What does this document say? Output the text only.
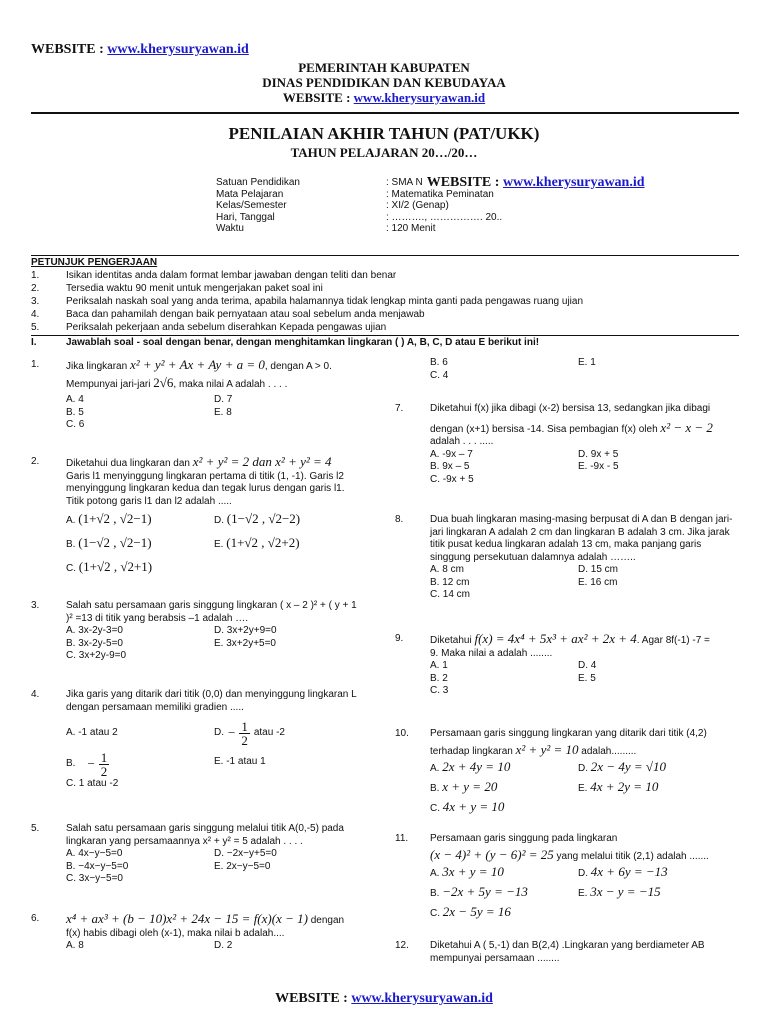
WEBSITE : www.kherysuryawan.id
PEMERINTAH KABUPATEN
DINAS PENDIDIKAN DAN KEBUDAYAA
WEBSITE : www.kherysuryawan.id
PENILAIAN AKHIR TAHUN (PAT/UKK)
TAHUN PELAJARAN 20…/20…
Satuan Pendidikan	: SMA N WEBSITE : www.kherysuryawan.id
Mata Pelajaran	: Matematika Peminatan
Kelas/Semester	: XI/2 (Genap)
Hari, Tanggal	: ………., ……………. 20..
Waktu	: 120 Menit
PETUNJUK PENGERJAAN
1.	Isikan identitas anda dalam format lembar jawaban dengan teliti dan benar
2.	Tersedia waktu 90 menit untuk mengerjakan paket soal ini
3.	Periksalah naskah soal yang anda terima, apabila halamannya tidak lengkap minta ganti pada pengawas ruang ujian
4.	Baca dan pahamilah dengan baik pernyataan atau soal sebelum anda menjawab
5.	Periksalah pekerjaan anda sebelum diserahkan Kepada pengawas ujian
I.	Jawablah soal - soal dengan benar, dengan menghitamkan lingkaran ( ) A, B, C, D atau E berikut ini!
1.	Jika lingkaran x² + y² + Ax + Ay + a = 0, dengan A > 0.
Mempunyai jari-jari 2√6, maka nilai A adalah . . . .
A. 4	D. 7
B. 5	E. 8
C. 6
2.	Diketahui dua lingkaran dan x² + y² = 2 dan x² + y² = 4
Garis l1 menyinggung lingkaran pertama di titik (1, -1). Garis l2 menyinggung lingkaran kedua dan tegak lurus dengan garis l1. Titik potong garis l1 dan l2 adalah .....
A. (1+√2 , √2−1)	D. (1−√2 , √2−2)
B. (1−√2 , √2−1)	E. (1+√2 , √2+2)
C. (1+√2 , √2+1)
3.	Salah satu persamaan garis singgung lingkaran ( x – 2 )² + ( y + 1 )² =13 di titik yang berabsis –1 adalah ….
A. 3x-2y-3=0	D. 3x+2y+9=0
B. 3x-2y-5=0	E. 3x+2y+5=0
C. 3x+2y-9=0
4.	Jika garis yang ditarik dari titik (0,0) dan menyinggung lingkaran L dengan persamaan memiliki gradien .....
A. -1 atau 2	D. − $\frac{1}{2}$ atau -2
B. − $\frac{1}{2}$	E. -1 atau 1
C. 1 atau -2
5.	Salah satu persamaan garis singgung melalui titik A(0,-5) pada lingkaran yang persamaannya x² + y² = 5 adalah . . . .
A. 4x−y−5=0	D. −2x−y+5=0
B. −4x−y−5=0	E. 2x−y−5=0
C. 3x−y−5=0
6.	x⁴ + ax³ + (b − 10)x² + 24x − 15 = f(x)(x − 1) dengan
f(x) habis dibagi oleh (x-1), maka nilai b adalah....
A. 8	D. 2
B. 6	E. 1
C. 4
7.	Diketahui f(x) jika dibagi (x-2) bersisa 13, sedangkan jika dibagi
dengan (x+1) bersisa -14. Sisa pembagian f(x) oleh x² − x − 2
adalah . . . .....
A. -9x – 7	D. 9x + 5
B. 9x – 5	E. -9x - 5
C. -9x + 5
8.	Dua buah lingkaran masing-masing berpusat di A dan B dengan jari-jari lingkaran A adalah 2 cm dan lingkaran B adalah 3 cm. Jika jarak titik pusat kedua lingkaran adalah 13 cm, maka panjang garis singgung persekutuan dalamnya adalah ……..
A. 8 cm	D. 15 cm
B. 12 cm	E. 16 cm
C. 14 cm
9.	Diketahui f(x) = 4x⁴ + 5x³ + ax² + 2x + 4. Agar 8f(-1) -7 =
9. Maka nilai a adalah ........
A. 1	D. 4
B. 2	E. 5
C. 3
10.	Persamaan garis singgung lingkaran yang ditarik dari titik (4,2)
terhadap lingkaran x² + y² = 10 adalah.........
A. 2x + 4y = 10	D. 2x − 4y = √10
B. x + y = 20	E. 4x + 2y = 10
C. 4x + y = 10
11.	Persamaan garis singgung pada lingkaran
(x − 4)² + (y − 6)² = 25 yang melalui titik (2,1) adalah .......
A. 3x + y = 10	D. 4x + 6y = −13
B. −2x + 5y = −13	E. 3x − y = −15
C. 2x − 5y = 16
12.	Diketahui A ( 5,-1) dan B(2,4) .Lingkaran yang berdiameter AB mempunyai persamaan ........
WEBSITE : www.kherysuryawan.id
